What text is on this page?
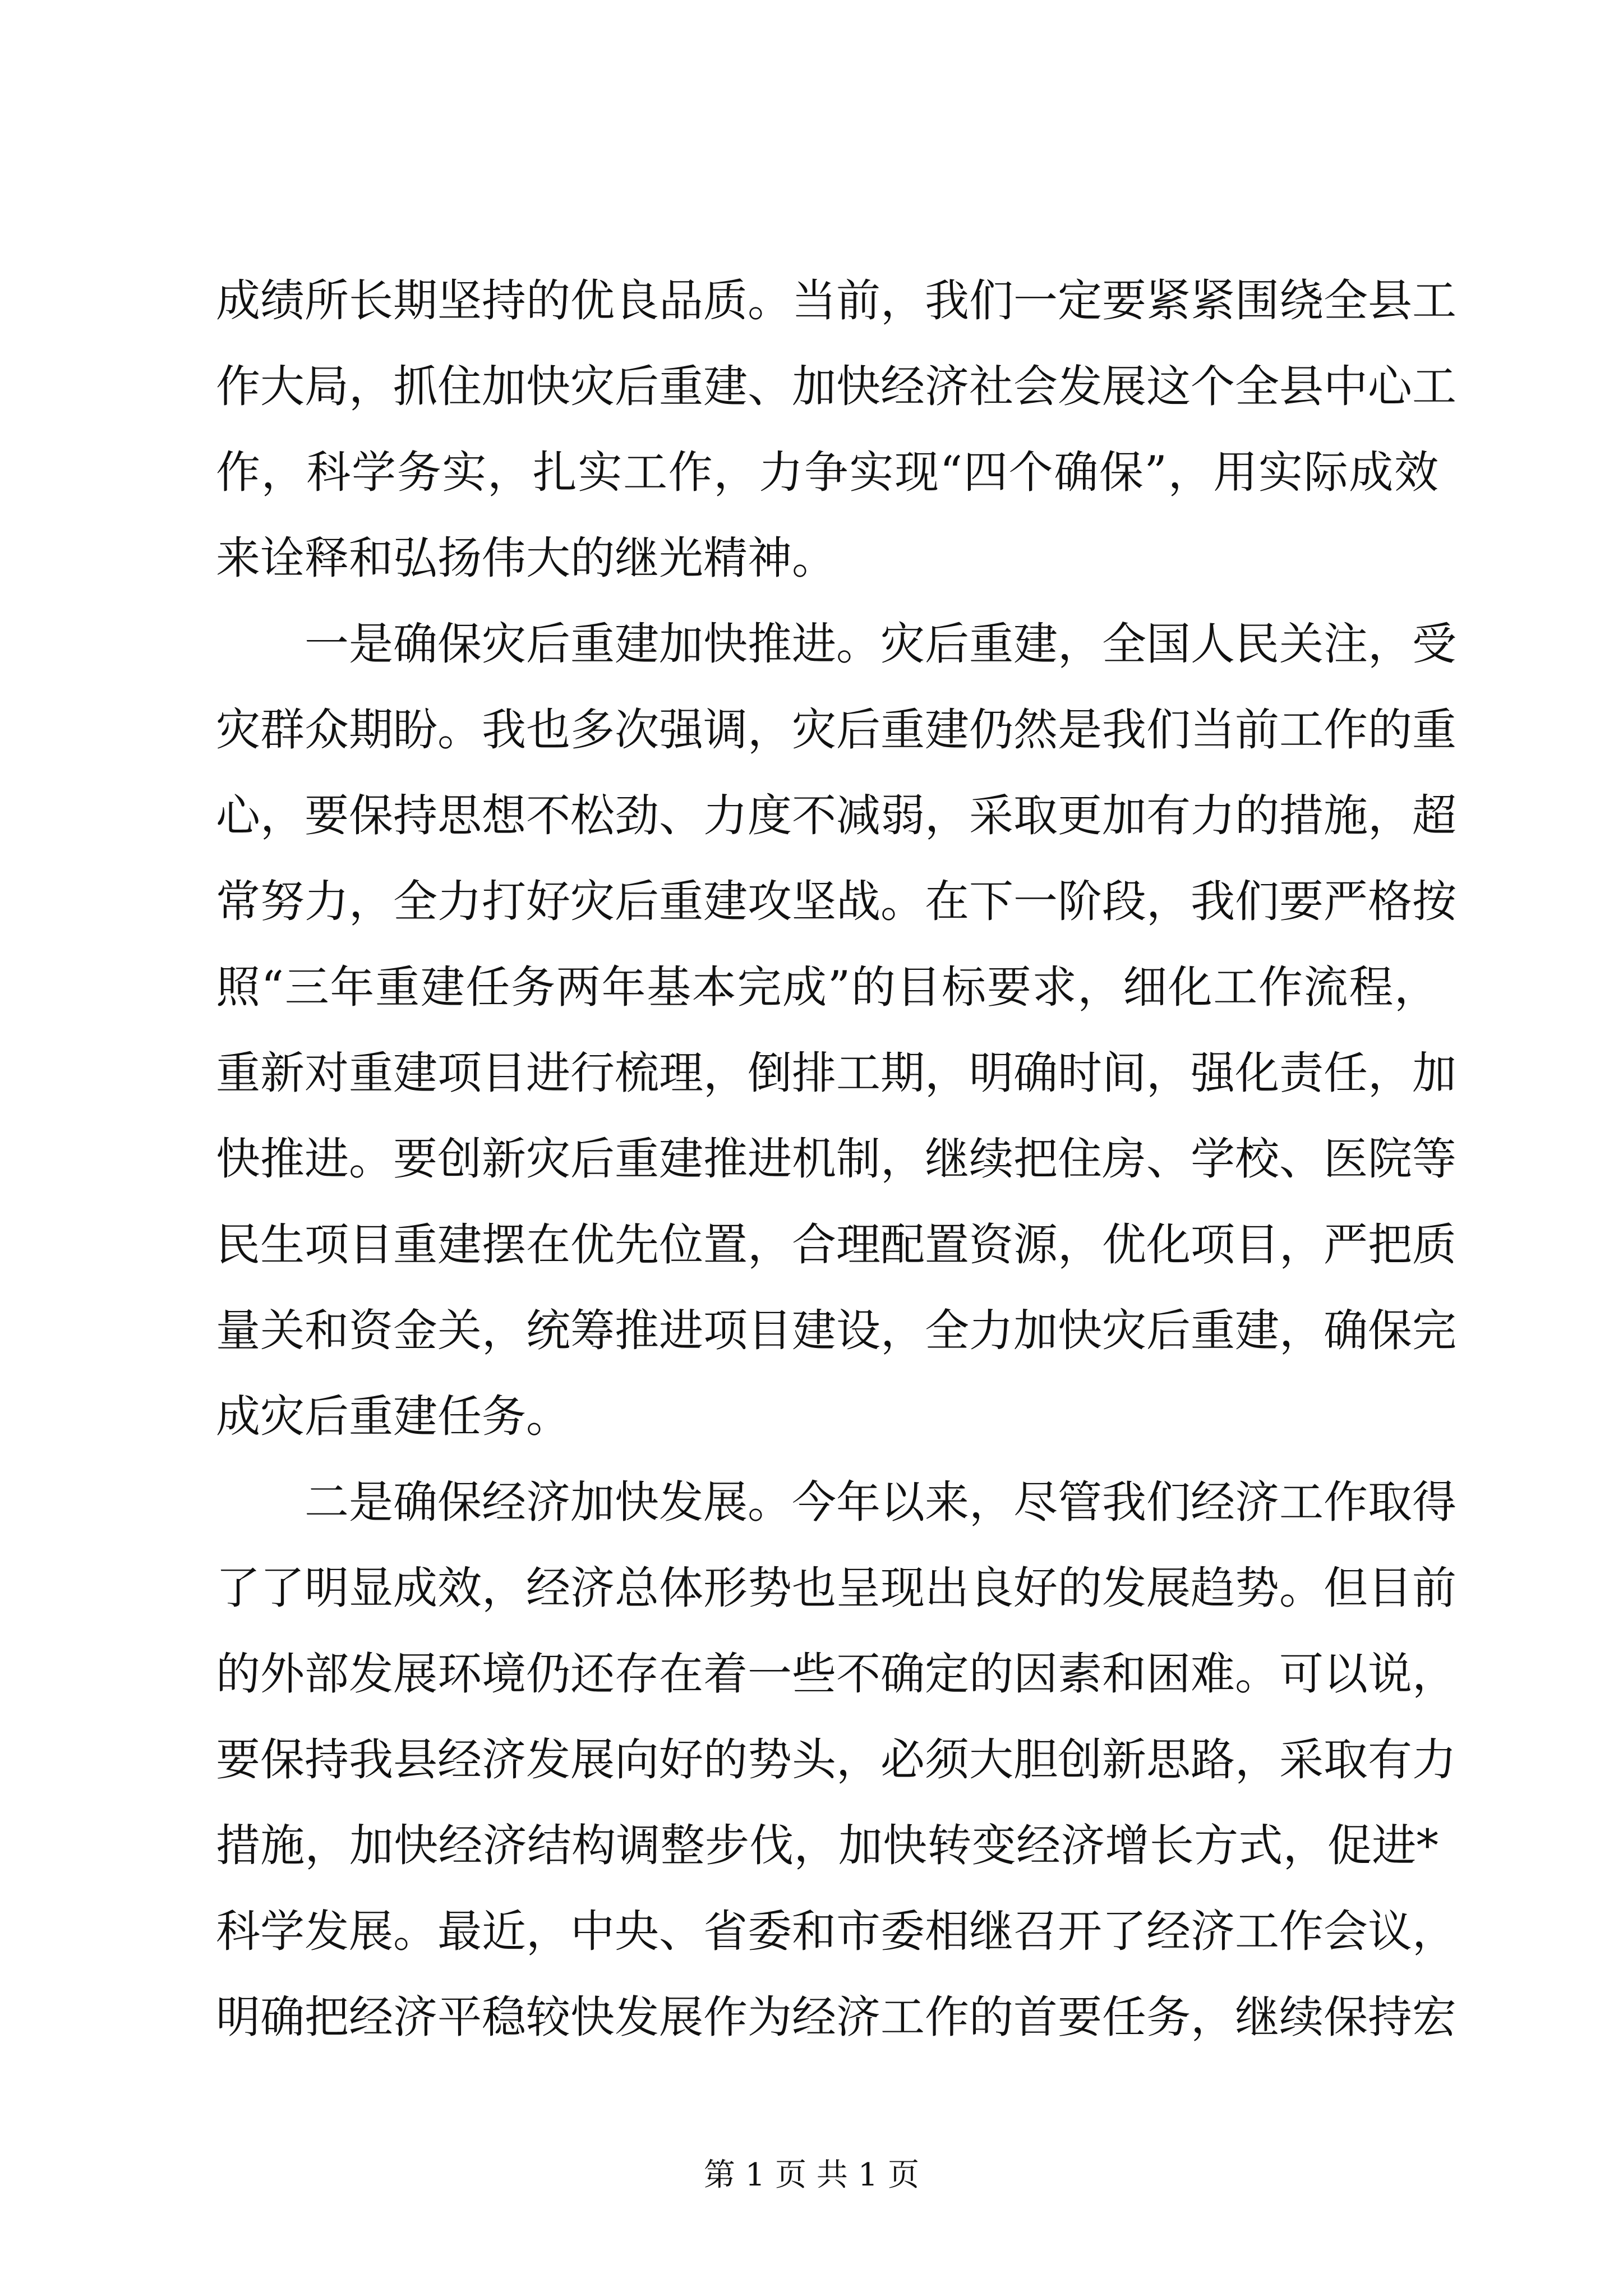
成绩所长期坚持的优良品质。当前，我们一定要紧紧围绕全县工
作大局，抓住加快灾后重建、加快经济社会发展这个全县中心工
作，科学务实，扎实工作，力争实现“四个确保”，用实际成效
来诠释和弘扬伟大的继光精神。
　　一是确保灾后重建加快推进。灾后重建，全国人民关注，受
灾群众期盼。我也多次强调，灾后重建仍然是我们当前工作的重
心，要保持思想不松劲、力度不减弱，采取更加有力的措施，超
常努力，全力打好灾后重建攻坚战。在下一阶段，我们要严格按
照“三年重建任务两年基本完成”的目标要求，细化工作流程，
重新对重建项目进行梳理，倒排工期，明确时间，强化责任，加
快推进。要创新灾后重建推进机制，继续把住房、学校、医院等
民生项目重建摆在优先位置，合理配置资源，优化项目，严把质
量关和资金关，统筹推进项目建设，全力加快灾后重建，确保完
成灾后重建任务。
　　二是确保经济加快发展。今年以来，尽管我们经济工作取得
了了明显成效，经济总体形势也呈现出良好的发展趋势。但目前
的外部发展环境仍还存在着一些不确定的因素和困难。可以说，
要保持我县经济发展向好的势头，必须大胆创新思路，采取有力
措施，加快经济结构调整步伐，加快转变经济增长方式，促进*
科学发展。最近，中央、省委和市委相继召开了经济工作会议，
明确把经济平稳较快发展作为经济工作的首要任务，继续保持宏
第 1 页 共 1 页
